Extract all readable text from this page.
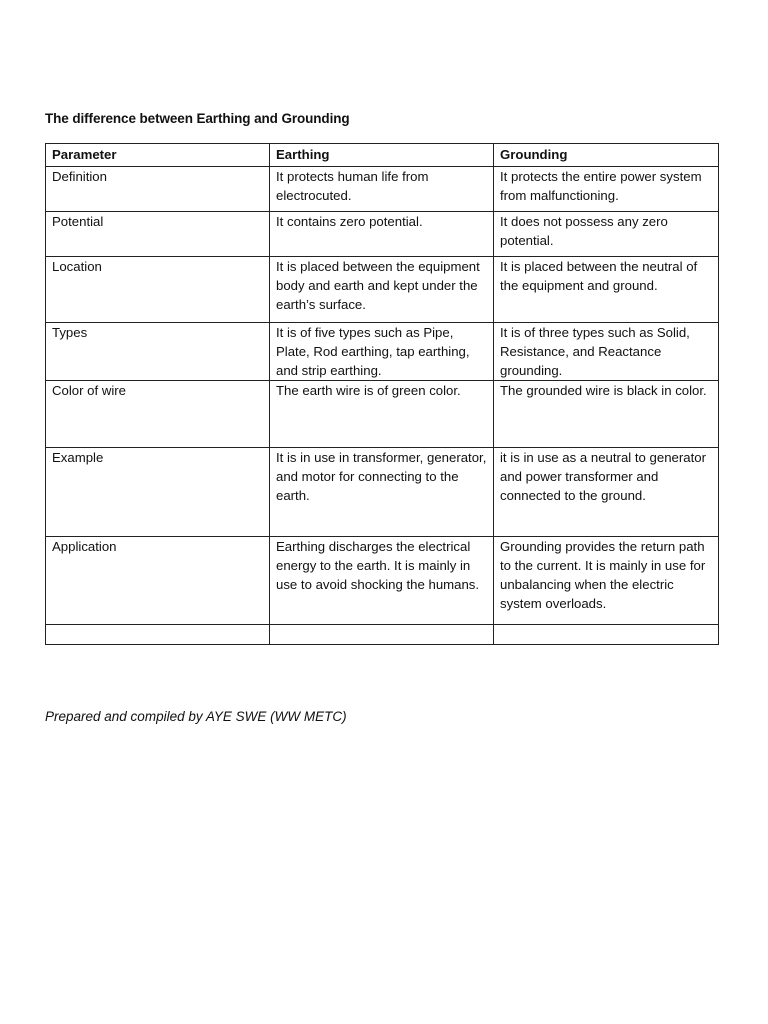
The difference between Earthing and Grounding
Parameter	Earthing	Grounding
Definition	It protects human life from electrocuted.	It protects the entire power system from malfunctioning.
Potential	It contains zero potential.	It does not possess any zero potential.
Location	It is placed between the equipment body and earth and kept under the earth’s surface.	It is placed between the neutral of the equipment and ground.
Types	It is of five types such as Pipe, Plate, Rod earthing, tap earthing, and strip earthing.	It is of three types such as Solid, Resistance, and Reactance grounding.
Color of wire	The earth wire is of green color.	The grounded wire is black in color.
Example	It is in use in transformer, generator, and motor for connecting to the earth.	it is in use as a neutral to generator and power transformer and connected to the ground.
Application	Earthing discharges the electrical energy to the earth. It is mainly in use to avoid shocking the humans.	Grounding provides the return path to the current. It is mainly in use for unbalancing when the electric system overloads.

Prepared and compiled by AYE SWE (WW METC)
